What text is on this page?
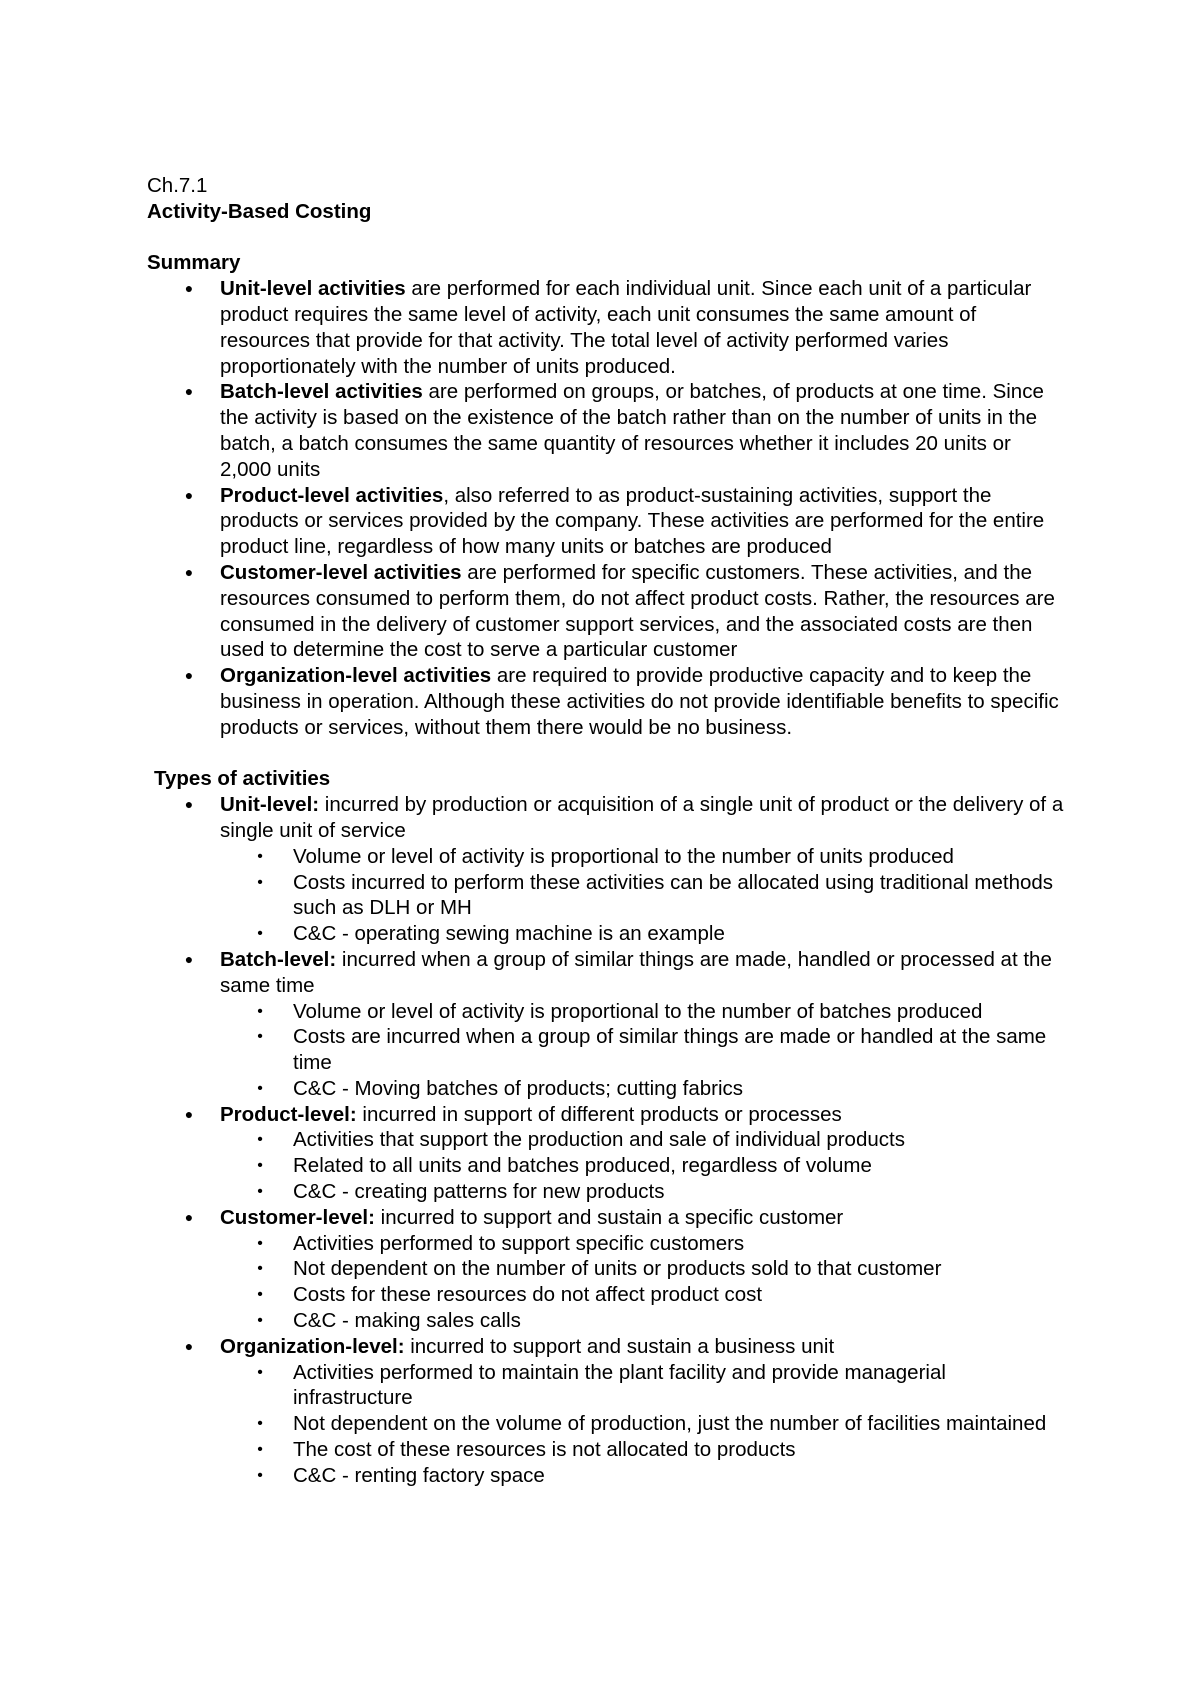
Ch.7.1

Activity-Based Costing

Summary

● Unit-level activities are performed for each individual unit. Since each unit of a particular product requires the same level of activity, each unit consumes the same amount of resources that provide for that activity. The total level of activity performed varies proportionately with the number of units produced.
● Batch-level activities are performed on groups, or batches, of products at one time. Since the activity is based on the existence of the batch rather than on the number of units in the batch, a batch consumes the same quantity of resources whether it includes 20 units or 2,000 units
● Product-level activities, also referred to as product-sustaining activities, support the products or services provided by the company. These activities are performed for the entire product line, regardless of how many units or batches are produced
● Customer-level activities are performed for specific customers. These activities, and the resources consumed to perform them, do not affect product costs. Rather, the resources are consumed in the delivery of customer support services, and the associated costs are then used to determine the cost to serve a particular customer
● Organization-level activities are required to provide productive capacity and to keep the business in operation. Although these activities do not provide identifiable benefits to specific products or services, without them there would be no business.

Types of activities

● Unit-level: incurred by production or acquisition of a single unit of product or the delivery of a single unit of service
• Volume or level of activity is proportional to the number of units produced
• Costs incurred to perform these activities can be allocated using traditional methods such as DLH or MH
• C&C - operating sewing machine is an example
● Batch-level: incurred when a group of similar things are made, handled or processed at the same time
• Volume or level of activity is proportional to the number of batches produced
• Costs are incurred when a group of similar things are made or handled at the same time
• C&C - Moving batches of products; cutting fabrics
● Product-level: incurred in support of different products or processes
• Activities that support the production and sale of individual products
• Related to all units and batches produced, regardless of volume
• C&C - creating patterns for new products
● Customer-level: incurred to support and sustain a specific customer
• Activities performed to support specific customers
• Not dependent on the number of units or products sold to that customer
• Costs for these resources do not affect product cost
• C&C - making sales calls
● Organization-level: incurred to support and sustain a business unit
• Activities performed to maintain the plant facility and provide managerial infrastructure
• Not dependent on the volume of production, just the number of facilities maintained
• The cost of these resources is not allocated to products
• C&C - renting factory space
